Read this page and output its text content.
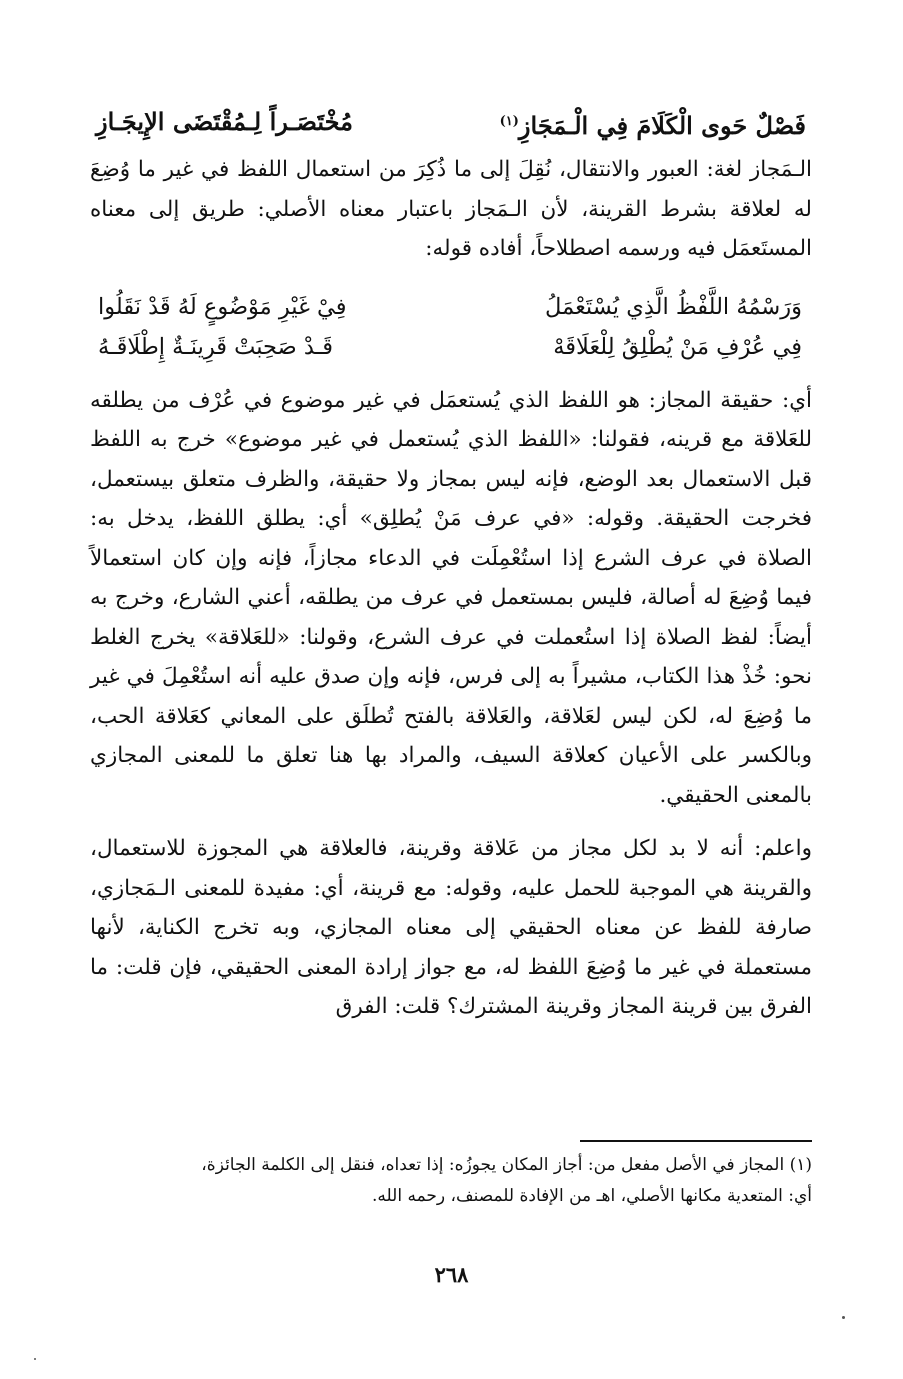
فَصْلٌ حَوى الْكَلَامَ فِي الْـمَجَازِ$^{(١)}$
مُخْتَصَـراً لِـمُقْتَضَى الإِيجَـازِ

الـمَجاز لغة: العبور والانتقال، نُقِلَ إلى ما ذُكِرَ من استعمال اللفظ في غير ما وُضِعَ له لعلاقة بشرط القرينة، لأن الـمَجاز باعتبار معناه الأصلي: طريق إلى معناه المستَعمَل فيه ورسمه اصطلاحاً، أفاده قوله:

وَرَسْمُهُ اللَّفْظُ الَّذِي يُسْتَعْمَلُ
فِيْ غَيْرِ مَوْضُوعٍ لَهُ قَدْ نَقَلُوا
فِي عُرْفِ مَنْ يُطْلِقُ لِلْعَلَاقَهْ
قَـدْ صَحِبَتْ قَرِينَـةٌ إِطْلَاقَـهُ

أي: حقيقة المجاز: هو اللفظ الذي يُستعمَل في غير موضوع في عُرْف من يطلقه للعَلاقة مع قرينه، فقولنا: «اللفظ الذي يُستعمل في غير موضوع» خرج به اللفظ قبل الاستعمال بعد الوضع، فإنه ليس بمجاز ولا حقيقة، والظرف متعلق بيستعمل، فخرجت الحقيقة. وقوله: «في عرف مَنْ يُطلِق» أي: يطلق اللفظ، يدخل به: الصلاة في عرف الشرع إذا استُعْمِلَت في الدعاء مجازاً، فإنه وإن كان استعمالاً فيما وُضِعَ له أصالة، فليس بمستعمل في عرف من يطلقه، أعني الشارع، وخرج به أيضاً: لفظ الصلاة إذا استُعملت في عرف الشرع، وقولنا: «للعَلاقة» يخرج الغلط نحو: خُذْ هذا الكتاب، مشيراً به إلى فرس، فإنه وإن صدق عليه أنه استُعْمِلَ في غير ما وُضِعَ له، لكن ليس لعَلاقة، والعَلاقة بالفتح تُطلَق على المعاني كعَلاقة الحب، وبالكسر على الأعيان كعلاقة السيف، والمراد بها هنا تعلق ما للمعنى المجازي بالمعنى الحقيقي.

واعلم: أنه لا بد لكل مجاز من عَلاقة وقرينة، فالعلاقة هي المجوزة للاستعمال، والقرينة هي الموجبة للحمل عليه، وقوله: مع قرينة، أي: مفيدة للمعنى الـمَجازي، صارفة للفظ عن معناه الحقيقي إلى معناه المجازي، وبه تخرج الكناية، لأنها مستعملة في غير ما وُضِعَ اللفظ له، مع جواز إرادة المعنى الحقيقي، فإن قلت: ما الفرق بين قرينة المجاز وقرينة المشترك؟ قلت: الفرق

(١) المجاز في الأصل مفعل من: أجاز المكان يجوزُه: إذا تعداه، فنقل إلى الكلمة الجائزة،
أي: المتعدية مكانها الأصلي، اهـ من الإفادة للمصنف، رحمه الله.
٢٦٨
